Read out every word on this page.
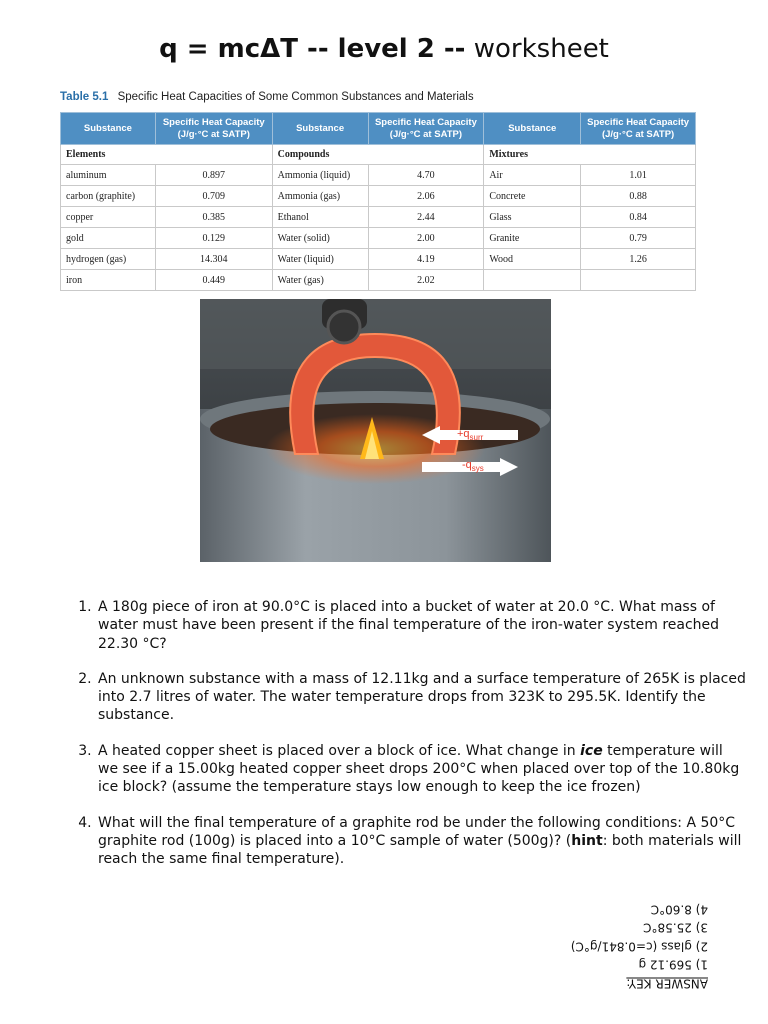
q = mcΔT -- level 2 -- worksheet
Table 5.1 Specific Heat Capacities of Some Common Substances and Materials
Substance	Specific Heat Capacity (J/g·°C at SATP)	Substance	Specific Heat Capacity (J/g·°C at SATP)	Substance	Specific Heat Capacity (J/g·°C at SATP)
Elements		Compounds		Mixtures	
aluminum	0.897	Ammonia (liquid)	4.70	Air	1.01
carbon (graphite)	0.709	Ammonia (gas)	2.06	Concrete	0.88
copper	0.385	Ethanol	2.44	Glass	0.84
gold	0.129	Water (solid)	2.00	Granite	0.79
hydrogen (gas)	14.304	Water (liquid)	4.19	Wood	1.26
iron	0.449	Water (gas)	2.02		
$+q_{surr}$
$-q_{sys}$
1. A 180g piece of iron at 90.0°C is placed into a bucket of water at 20.0 °C. What mass of water must have been present if the final temperature of the iron-water system reached 22.30 °C?
2. An unknown substance with a mass of 12.11kg and a surface temperature of 265K is placed into 2.7 litres of water. The water temperature drops from 323K to 295.5K. Identify the substance.
3. A heated copper sheet is placed over a block of ice. What change in ice temperature will we see if a 15.00kg heated copper sheet drops 200°C when placed over top of the 10.80kg ice block? (assume the temperature stays low enough to keep the ice frozen)
4. What will the final temperature of a graphite rod be under the following conditions: A 50°C graphite rod (100g) is placed into a 10°C sample of water (500g)? (hint: both materials will reach the same final temperature).
ANSWER KEY:
1) 569.12 g
2) glass (c=0.841/g°C)
3) 25.58°C
4) 8.60°C
